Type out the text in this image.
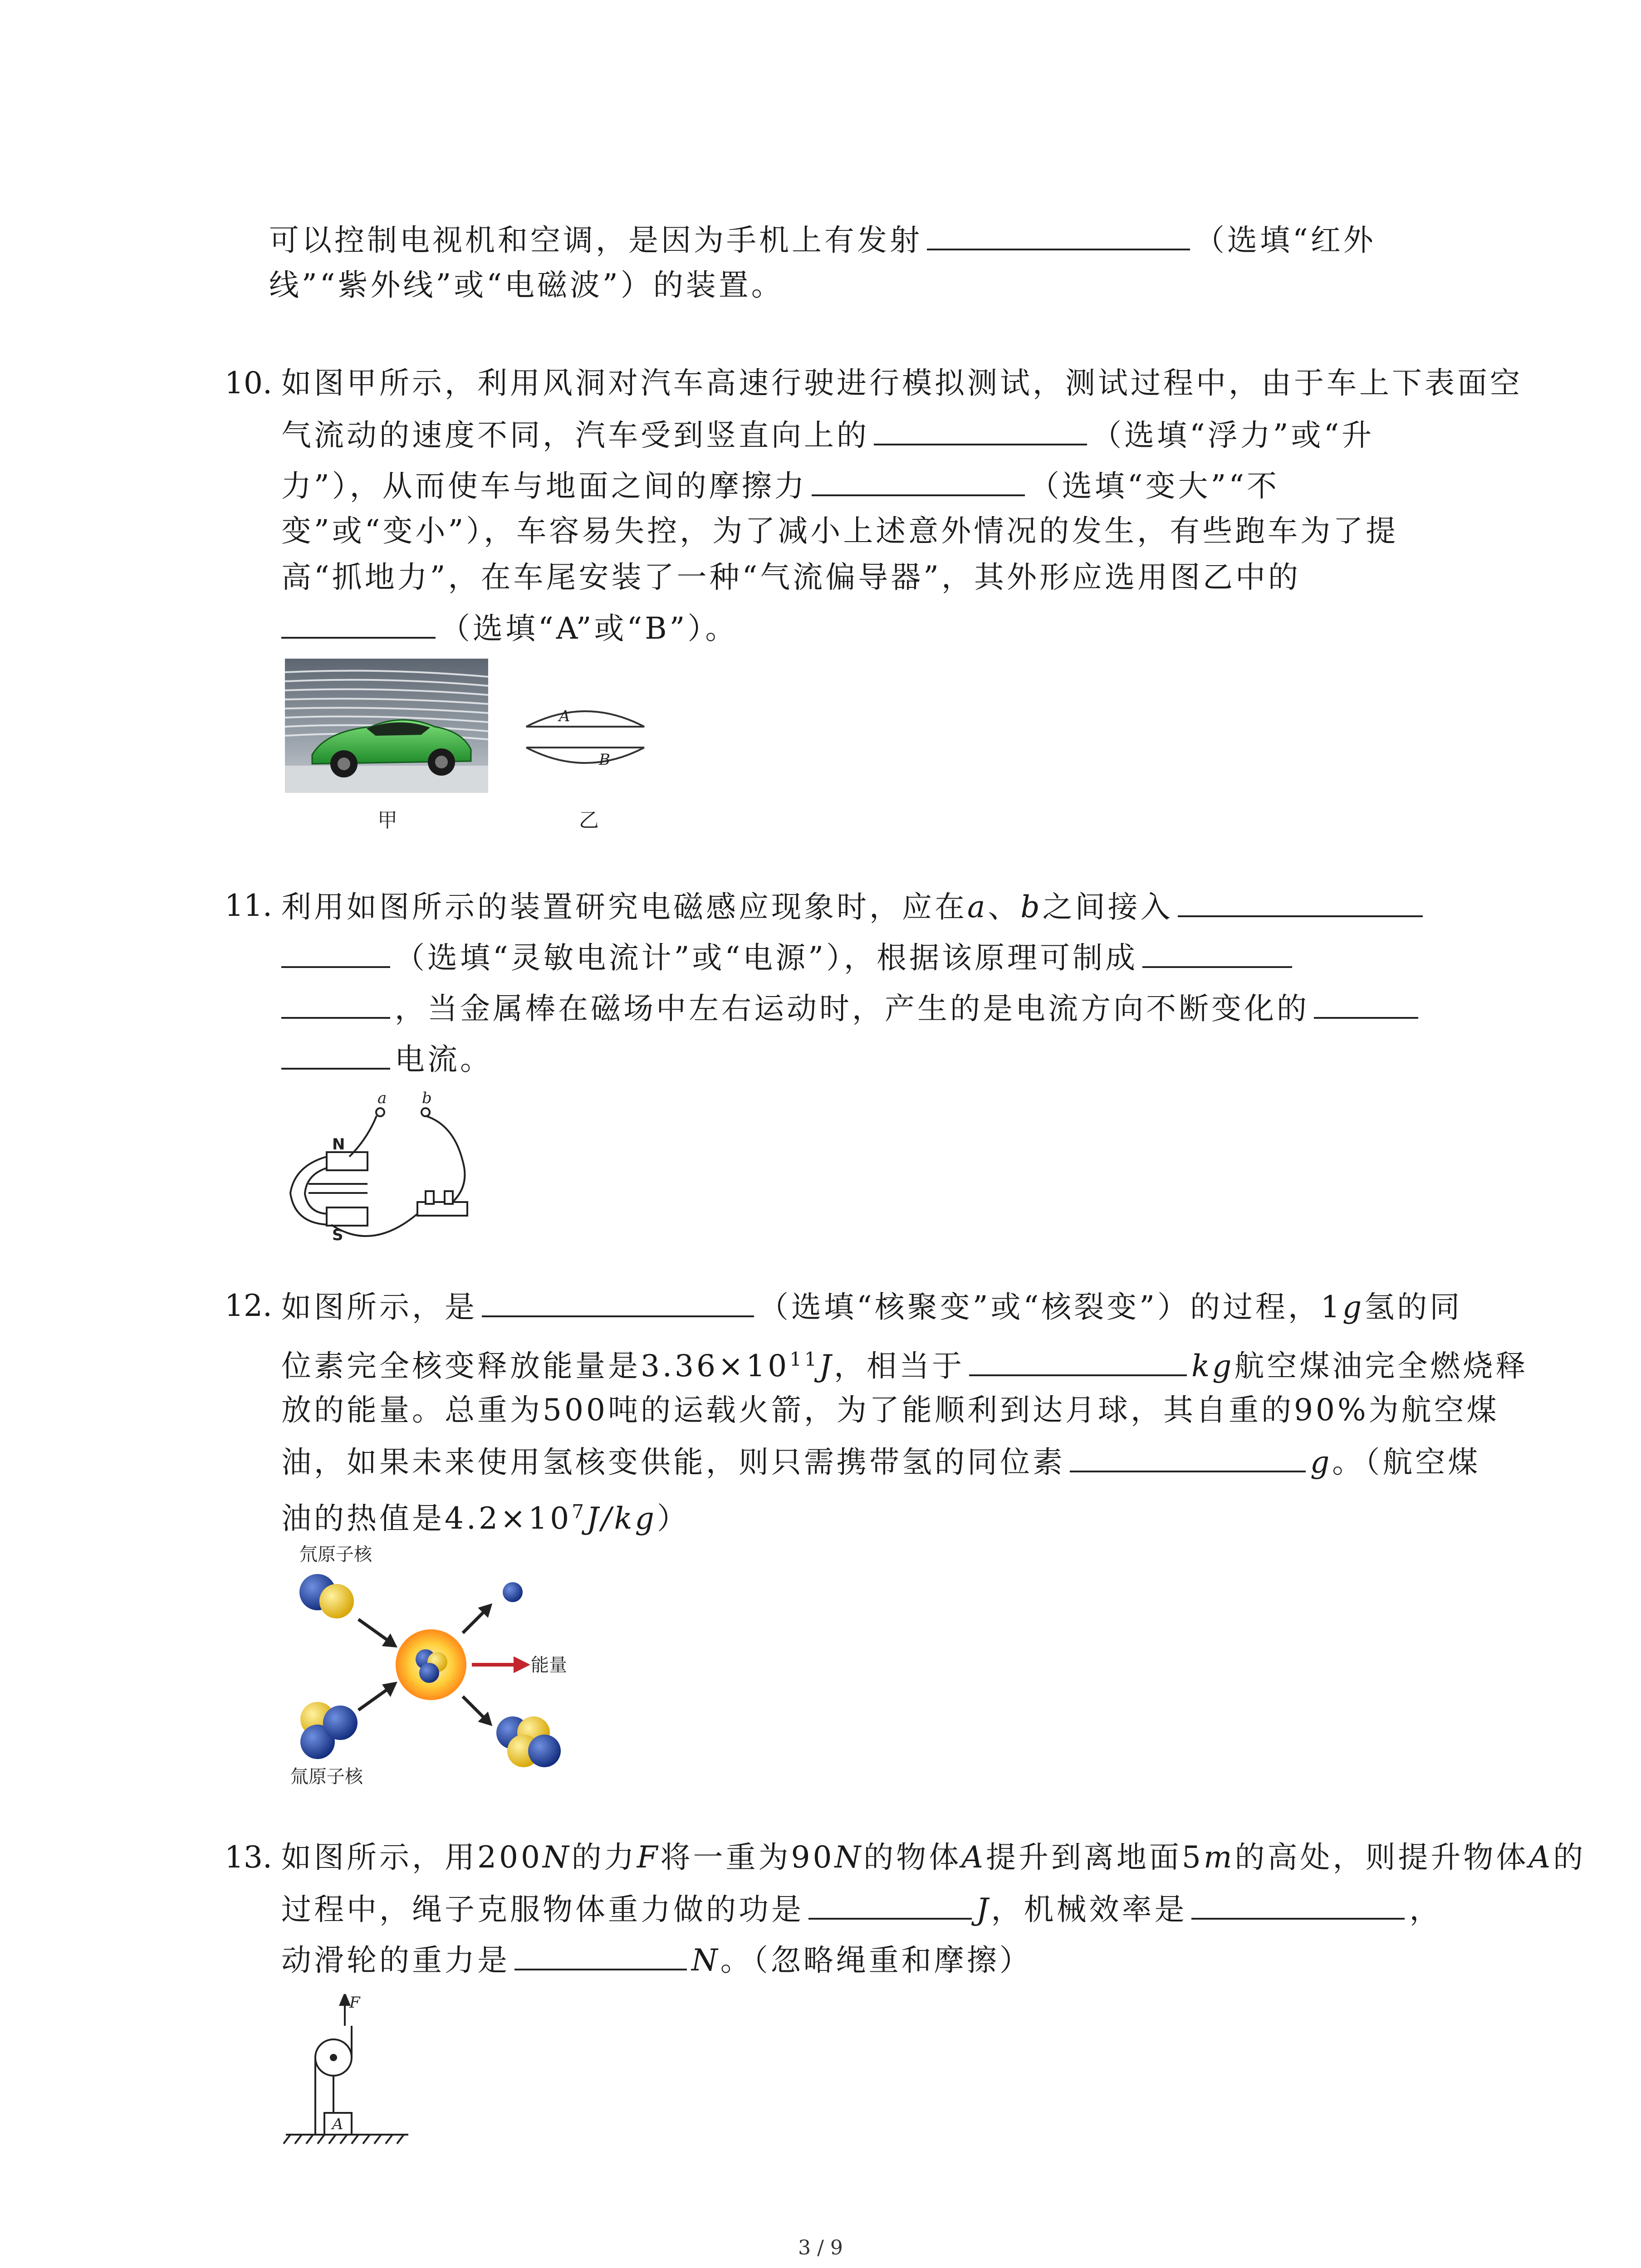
可以控制电视机和空调，是因为手机上有发射	（选填“红外
线”“紫外线”或“电磁波”）的装置。
10. 如图甲所示，利用风洞对汽车高速行驶进行模拟测试，测试过程中，由于车上下表面空
气流动的速度不同，汽车受到竖直向上的	（选填“浮力”或“升
力”），从而使车与地面之间的摩擦力	（选填“变大”“不
变”或“变小”），车容易失控，为了减小上述意外情况的发生，有些跑车为了提
高“抓地力”，在车尾安装了一种“气流偏导器”，其外形应选用图乙中的
（选填“A”或“B”）。
甲
A
B
乙
11. 利用如图所示的装置研究电磁感应现象时，应在a、b之间接入
（选填“灵敏电流计”或“电源”），根据该原理可制成
，当金属棒在磁场中左右运动时，产生的是电流方向不断变化的
电流。
a b
N
S
12. 如图所示，是	（选填“核聚变”或“核裂变”）的过程，1g氢的同
位素完全核变释放能量是$3.36\times 10^{11}J$，相当于	kg航空煤油完全燃烧释
放的能量。总重为500吨的运载火箭，为了能顺利到达月球，其自重的90%为航空煤
油，如果未来使用氢核变供能，则只需携带氢的同位素	g。（航空煤
油的热值是$4.2\times 10^7J/kg$）
氘原子核
氚原子核
能量
13. 如图所示，用200N的力F将一重为90N的物体A提升到离地面5m的高处，则提升物体A的
过程中，绳子克服物体重力做的功是	J，机械效率是	，
动滑轮的重力是	N。（忽略绳重和摩擦）
F
A
3 / 9
